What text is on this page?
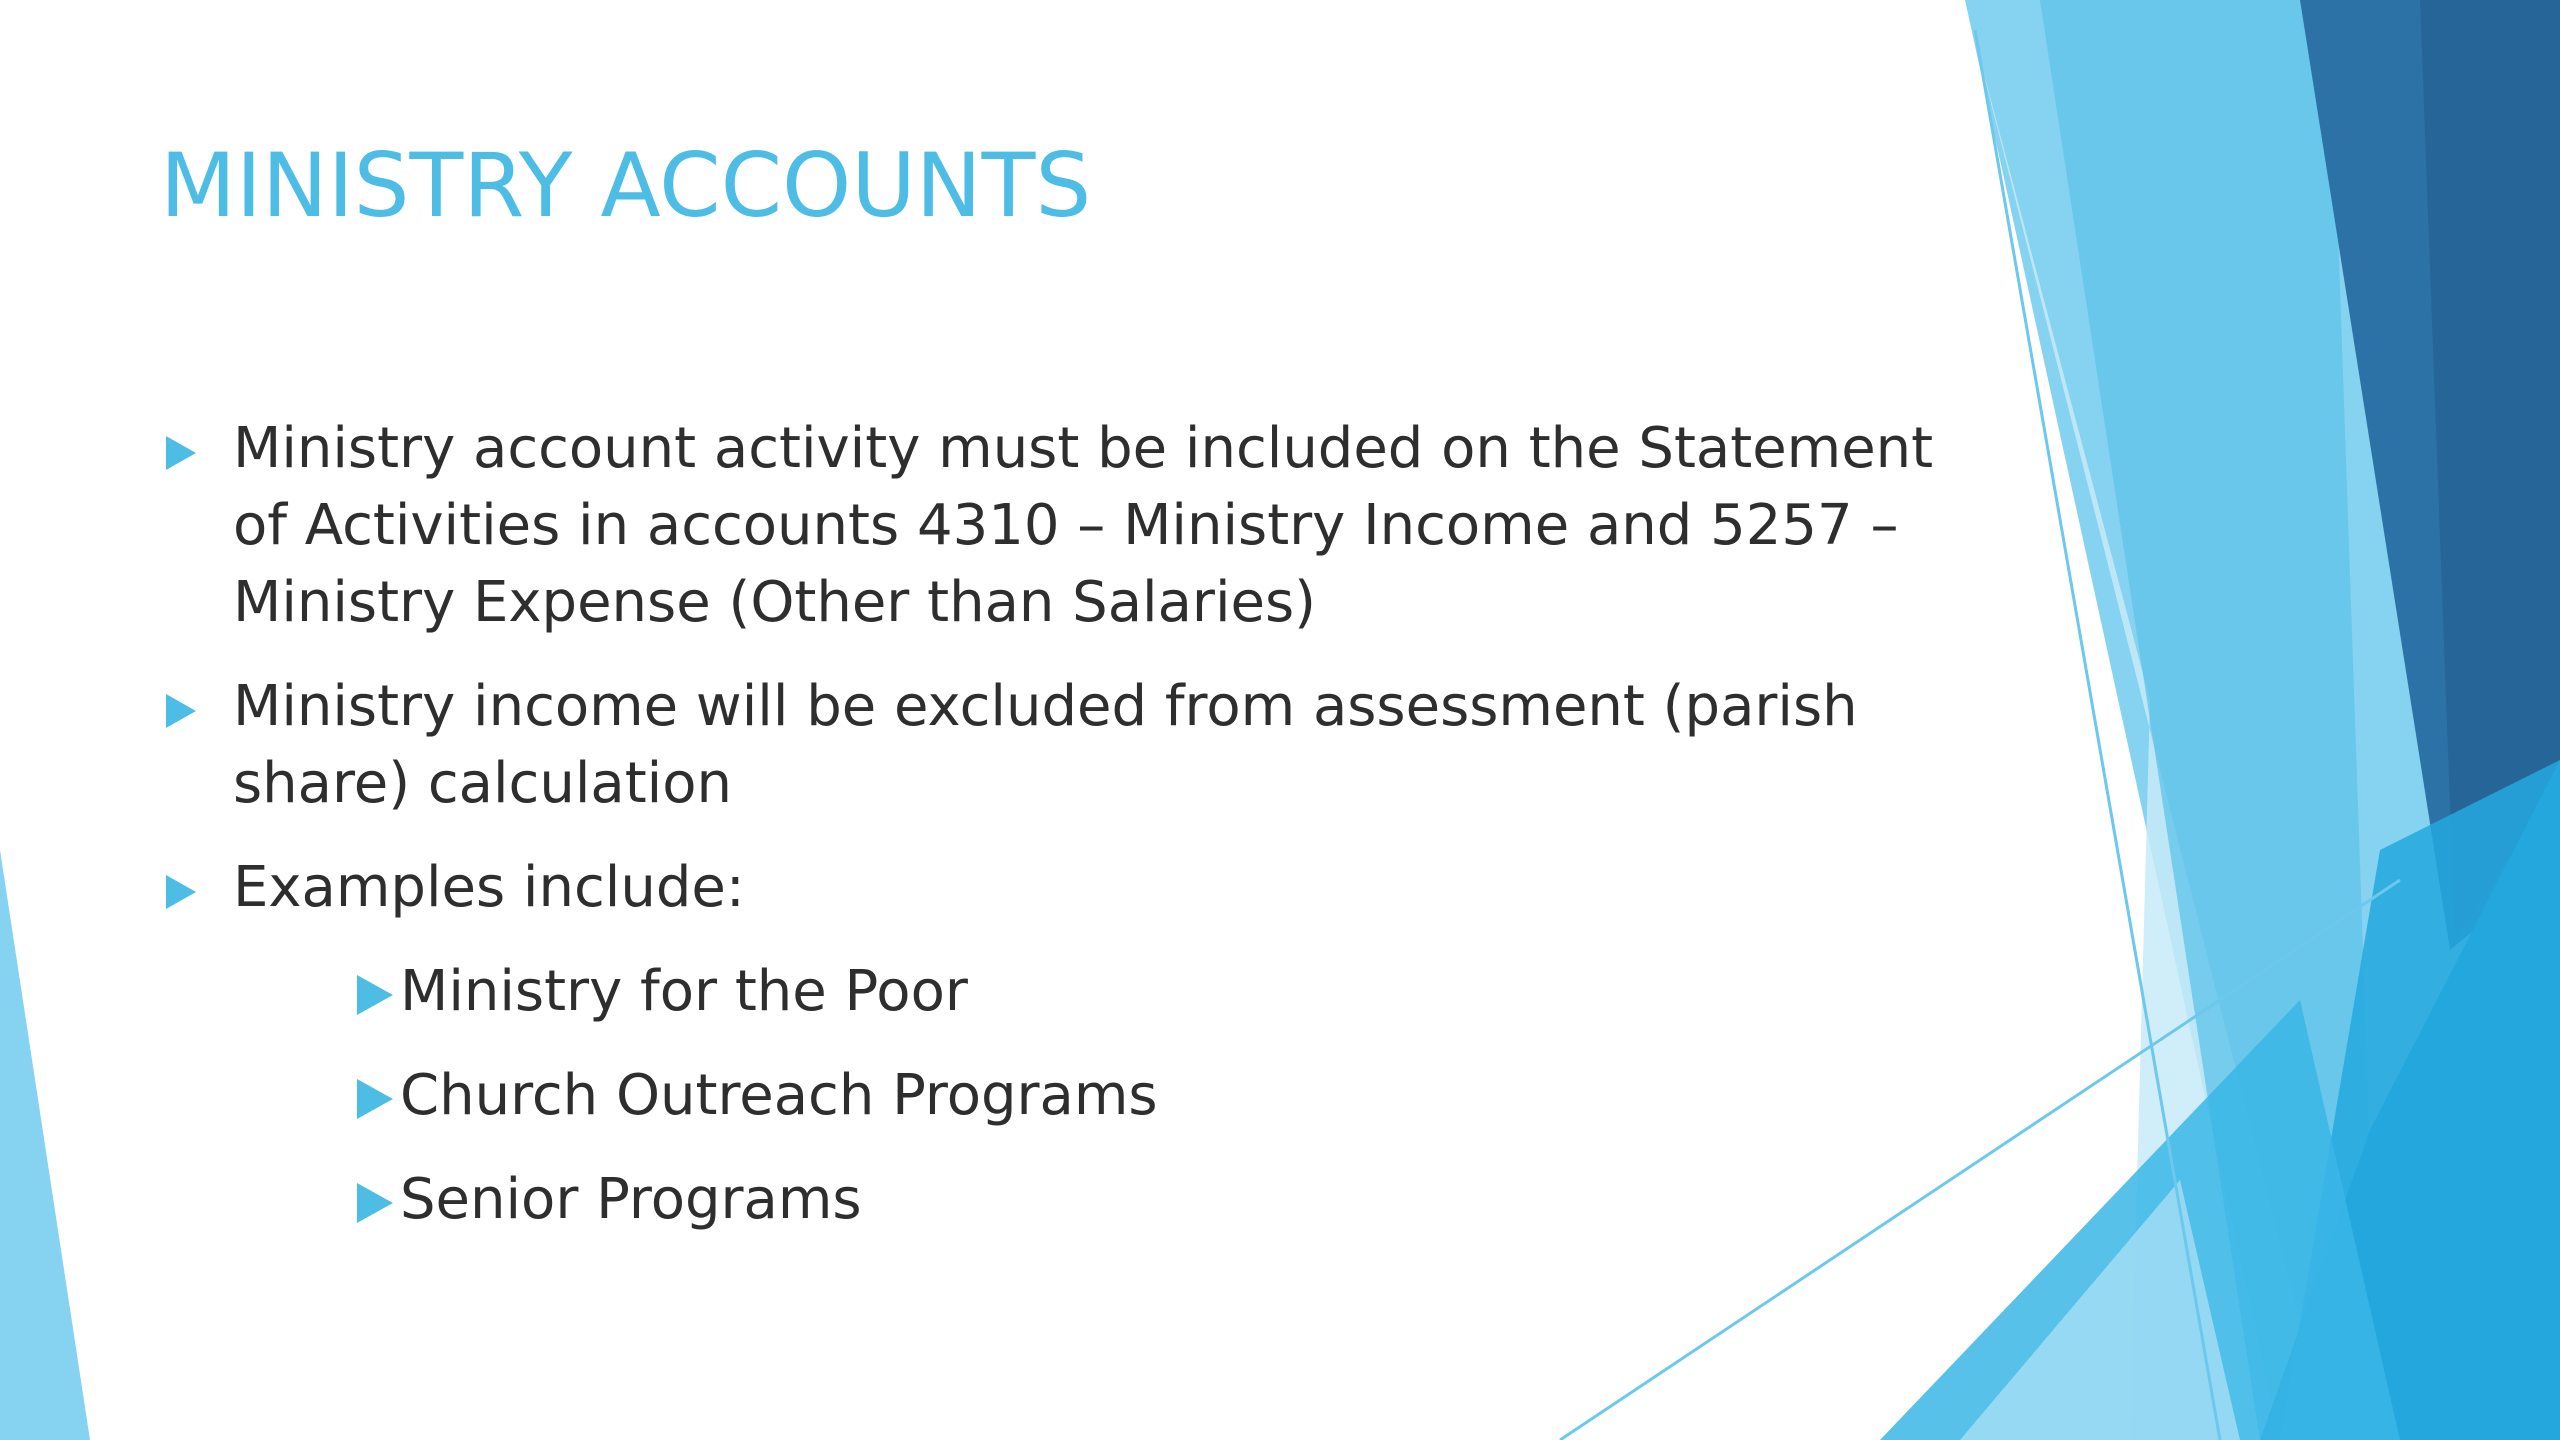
MINISTRY ACCOUNTS
Ministry account activity must be included on the Statement of Activities in accounts 4310 – Ministry Income and 5257 – Ministry Expense (Other than Salaries)
Ministry income will be excluded from assessment (parish share) calculation
Examples include:
Ministry for the Poor
Church Outreach Programs
Senior Programs
